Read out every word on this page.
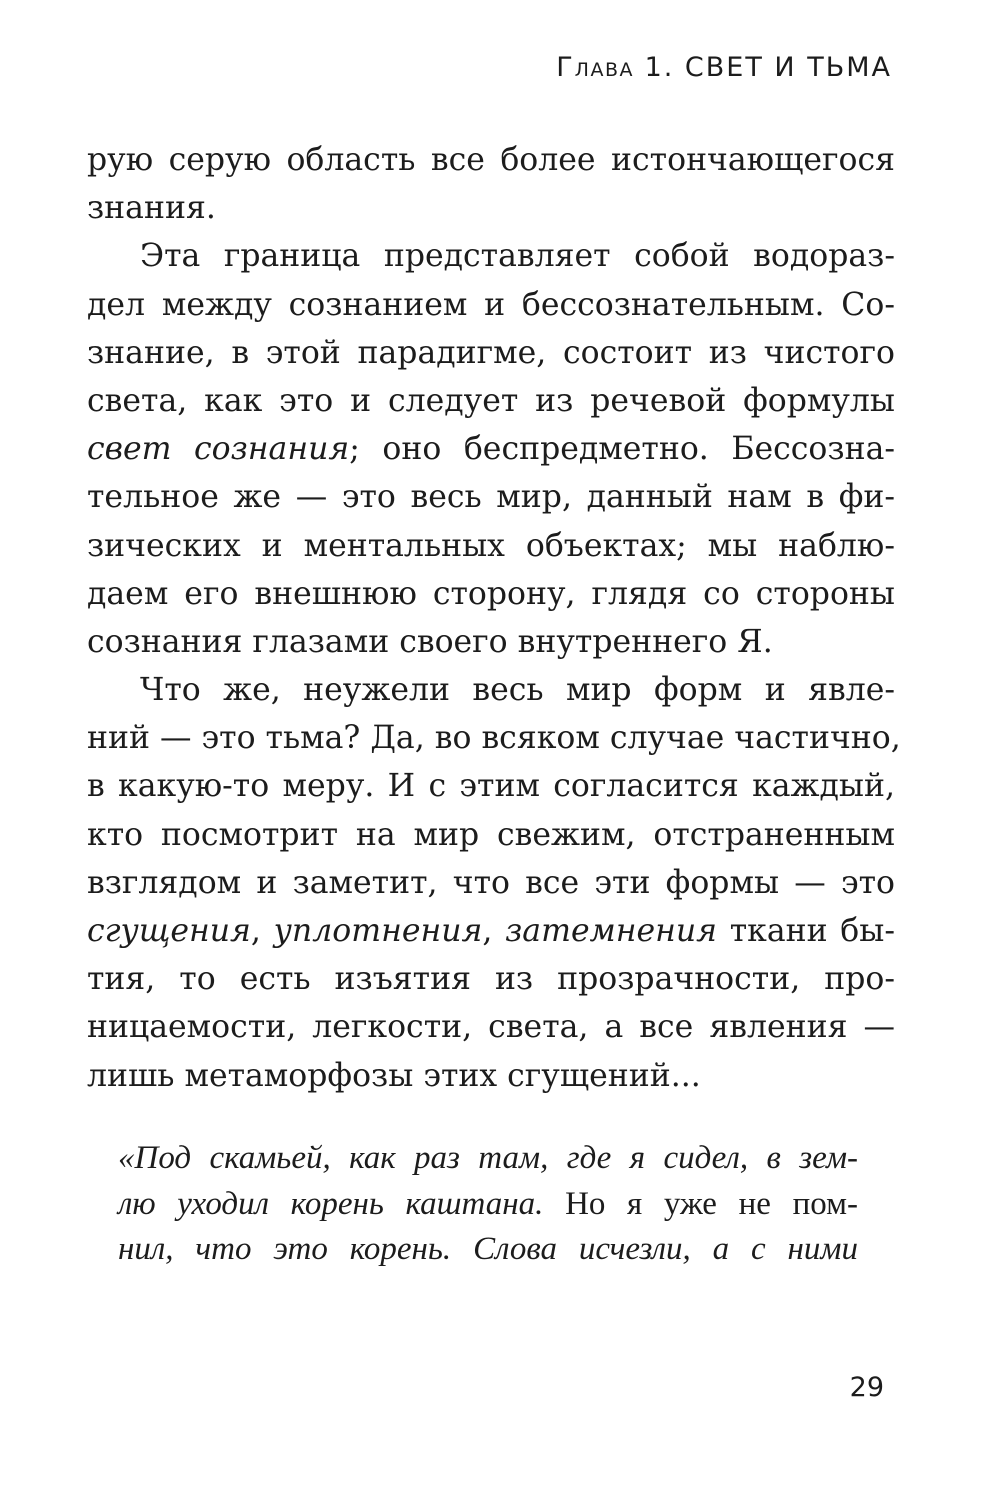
ГЛАВА 1. СВЕТ И ТЬМА
рую серую область все более истончающегося
знания.
Эта граница представляет собой водораз-
дел между сознанием и бессознательным. Со-
знание, в этой парадигме, состоит из чистого
света, как это и следует из речевой формулы
свет сознания; оно беспредметно. Бессозна-
тельное же — это весь мир, данный нам в фи-
зических и ментальных объектах; мы наблю-
даем его внешнюю сторону, глядя со стороны
сознания глазами своего внутреннего Я.
Что же, неужели весь мир форм и явле-
ний — это тьма? Да, во всяком случае частично,
в какую-то меру. И с этим согласится каждый,
кто посмотрит на мир свежим, отстраненным
взглядом и заметит, что все эти формы — это
сгущения, уплотнения, затемнения ткани бы-
тия, то есть изъятия из прозрачности, про-
ницаемости, легкости, света, а все явления —
лишь метаморфозы этих сгущений...
«Под скамьей, как раз там, где я сидел, в зем-
лю уходил корень каштана. Но я уже не пом-
нил, что это корень. Слова исчезли, а с ними
29
